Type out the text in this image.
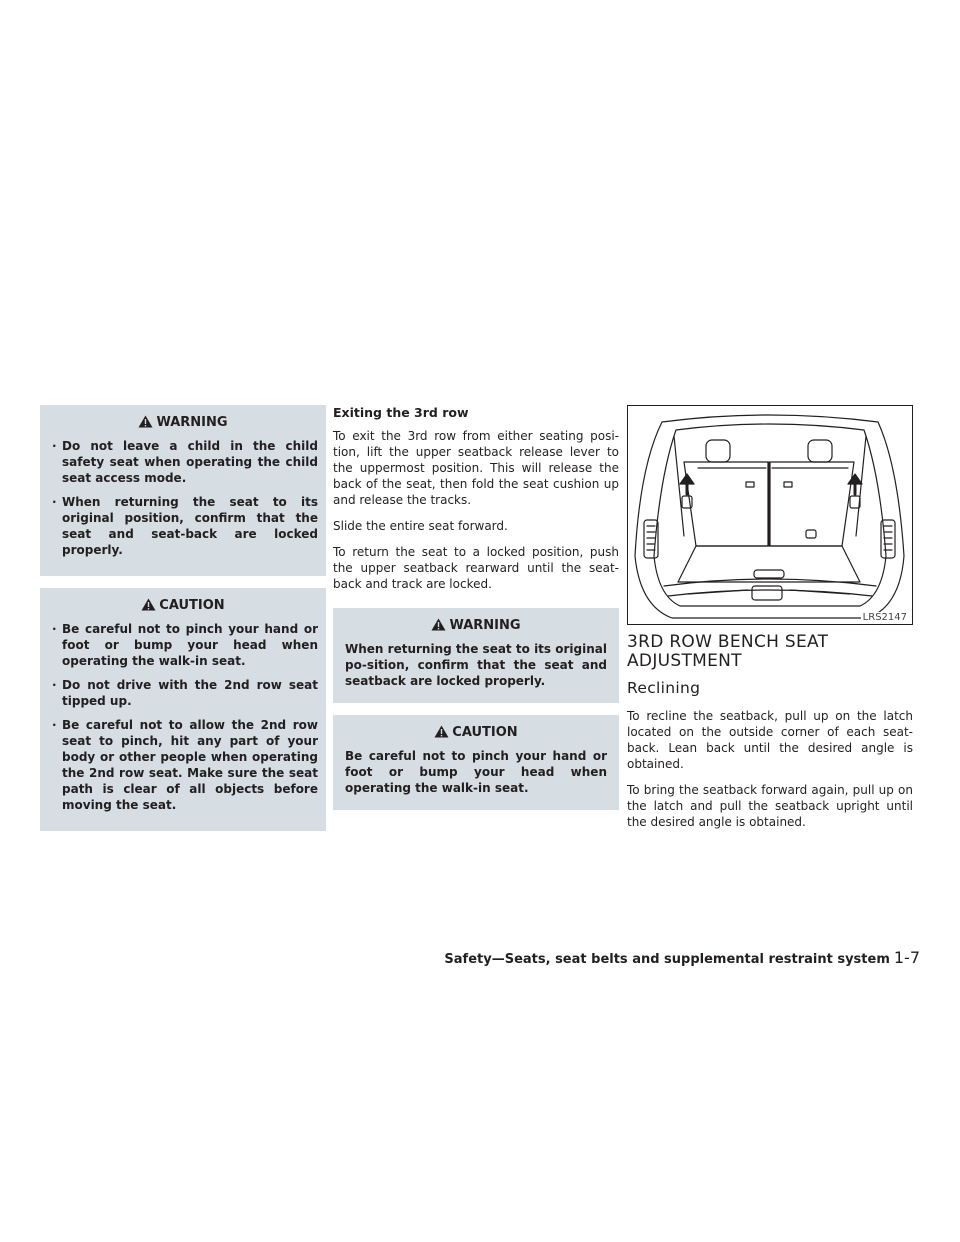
WARNING
· Do not leave a child in the child safety seat when operating the child seat access mode.
· When returning the seat to its original position, confirm that the seat and seat-back are locked properly.
CAUTION
· Be careful not to pinch your hand or foot or bump your head when operating the walk-in seat.
· Do not drive with the 2nd row seat tipped up.
· Be careful not to allow the 2nd row seat to pinch, hit any part of your body or other people when operating the 2nd row seat. Make sure the seat path is clear of all objects before moving the seat.
Exiting the 3rd row

To exit the 3rd row from either seating posi-tion, lift the upper seatback release lever to the uppermost position. This will release the back of the seat, then fold the seat cushion up and release the tracks.

Slide the entire seat forward.

To return the seat to a locked position, push the upper seatback rearward until the seat-back and track are locked.

WARNING

When returning the seat to its original po-sition, confirm that the seat and seatback are locked properly.

CAUTION

Be careful not to pinch your hand or foot or bump your head when operating the walk-in seat.

LRS2147
3RD ROW BENCH SEAT ADJUSTMENT
Reclining

To recline the seatback, pull up on the latch located on the outside corner of each seat-back. Lean back until the desired angle is obtained.

To bring the seatback forward again, pull up on the latch and pull the seatback upright until the desired angle is obtained.

Safety—Seats, seat belts and supplemental restraint system 1-7
